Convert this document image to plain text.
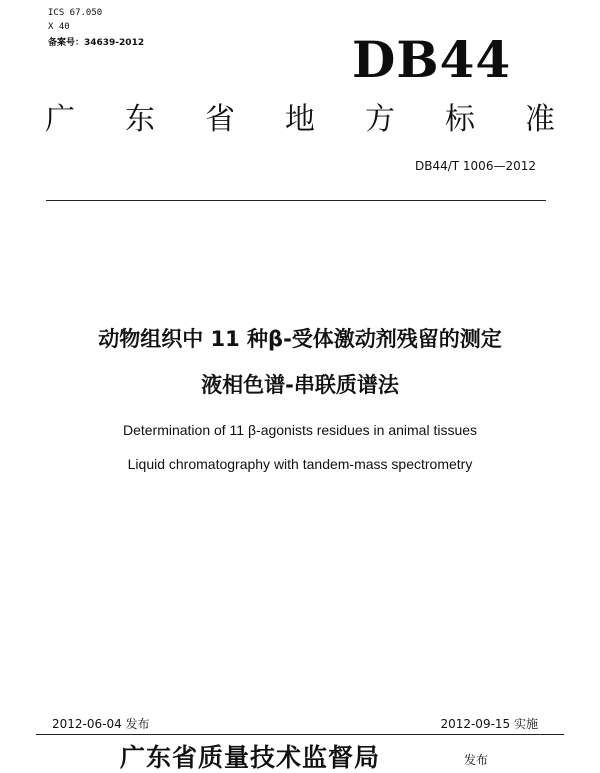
ICS 67.050
X 40
备案号：34639-2012	DB44
广 东 省 地 方 标 准
DB44/T 1006—2012
动物组织中 11 种β-受体激动剂残留的测定
液相色谱-串联质谱法
Determination of 11 β-agonists residues in animal tissues
Liquid chromatography with tandem-mass spectrometry
2012-06-04 发布	2012-09-15 实施
广东省质量技术监督局	发布
